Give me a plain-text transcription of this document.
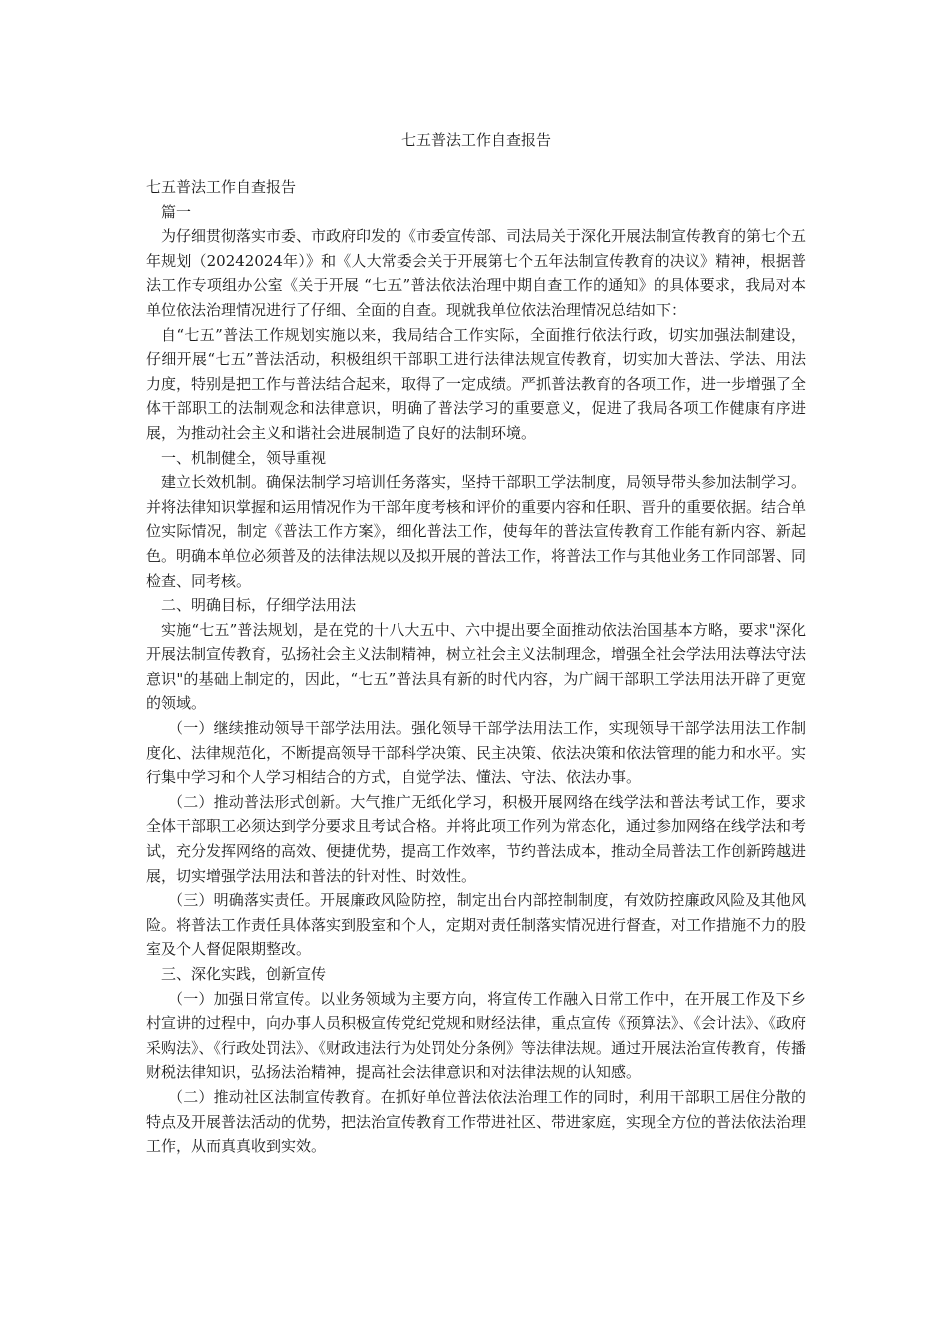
七五普法工作自查报告

七五普法工作自查报告

篇一

为仔细贯彻落实市委、市政府印发的《市委宣传部、司法局关于深化开展法制宣传教育的第七个五年规划（20242024年）》和《人大常委会关于开展第七个五年法制宣传教育的决议》精神，根据普法工作专项组办公室《关于开展 “七五”普法依法治理中期自查工作的通知》的具体要求，我局对本单位依法治理情况进行了仔细、全面的自查。现就我单位依法治理情况总结如下：

自“七五”普法工作规划实施以来，我局结合工作实际，全面推行依法行政，切实加强法制建设，仔细开展“七五”普法活动，积极组织干部职工进行法律法规宣传教育，切实加大普法、学法、用法力度，特别是把工作与普法结合起来，取得了一定成绩。严抓普法教育的各项工作，进一步增强了全体干部职工的法制观念和法律意识，明确了普法学习的重要意义，促进了我局各项工作健康有序进展，为推动社会主义和谐社会进展制造了良好的法制环境。

一、机制健全，领导重视

建立长效机制。确保法制学习培训任务落实，坚持干部职工学法制度，局领导带头参加法制学习。并将法律知识掌握和运用情况作为干部年度考核和评价的重要内容和任职、晋升的重要依据。结合单位实际情况，制定《普法工作方案》，细化普法工作，使每年的普法宣传教育工作能有新内容、新起色。明确本单位必须普及的法律法规以及拟开展的普法工作，将普法工作与其他业务工作同部署、同检查、同考核。

二、明确目标，仔细学法用法

实施“七五”普法规划，是在党的十八大五中、六中提出要全面推动依法治国基本方略，要求"深化开展法制宣传教育，弘扬社会主义法制精神，树立社会主义法制理念，增强全社会学法用法尊法守法意识"的基础上制定的，因此，“七五”普法具有新的时代内容，为广阔干部职工学法用法开辟了更宽的领域。

（一）继续推动领导干部学法用法。强化领导干部学法用法工作，实现领导干部学法用法工作制度化、法律规范化，不断提高领导干部科学决策、民主决策、依法决策和依法管理的能力和水平。实行集中学习和个人学习相结合的方式，自觉学法、懂法、守法、依法办事。

（二）推动普法形式创新。大气推广无纸化学习，积极开展网络在线学法和普法考试工作，要求全体干部职工必须达到学分要求且考试合格。并将此项工作列为常态化，通过参加网络在线学法和考试，充分发挥网络的高效、便捷优势，提高工作效率，节约普法成本，推动全局普法工作创新跨越进展，切实增强学法用法和普法的针对性、时效性。

（三）明确落实责任。开展廉政风险防控，制定出台内部控制制度，有效防控廉政风险及其他风险。将普法工作责任具体落实到股室和个人，定期对责任制落实情况进行督查，对工作措施不力的股室及个人督促限期整改。

三、深化实践，创新宣传

（一）加强日常宣传。以业务领域为主要方向，将宣传工作融入日常工作中，在开展工作及下乡村宣讲的过程中，向办事人员积极宣传党纪党规和财经法律，重点宣传《预算法》、《会计法》、《政府采购法》、《行政处罚法》、《财政违法行为处罚处分条例》等法律法规。通过开展法治宣传教育，传播财税法律知识，弘扬法治精神，提高社会法律意识和对法律法规的认知感。

（二）推动社区法制宣传教育。在抓好单位普法依法治理工作的同时，利用干部职工居住分散的特点及开展普法活动的优势，把法治宣传教育工作带进社区、带进家庭，实现全方位的普法依法治理工作，从而真真收到实效。
